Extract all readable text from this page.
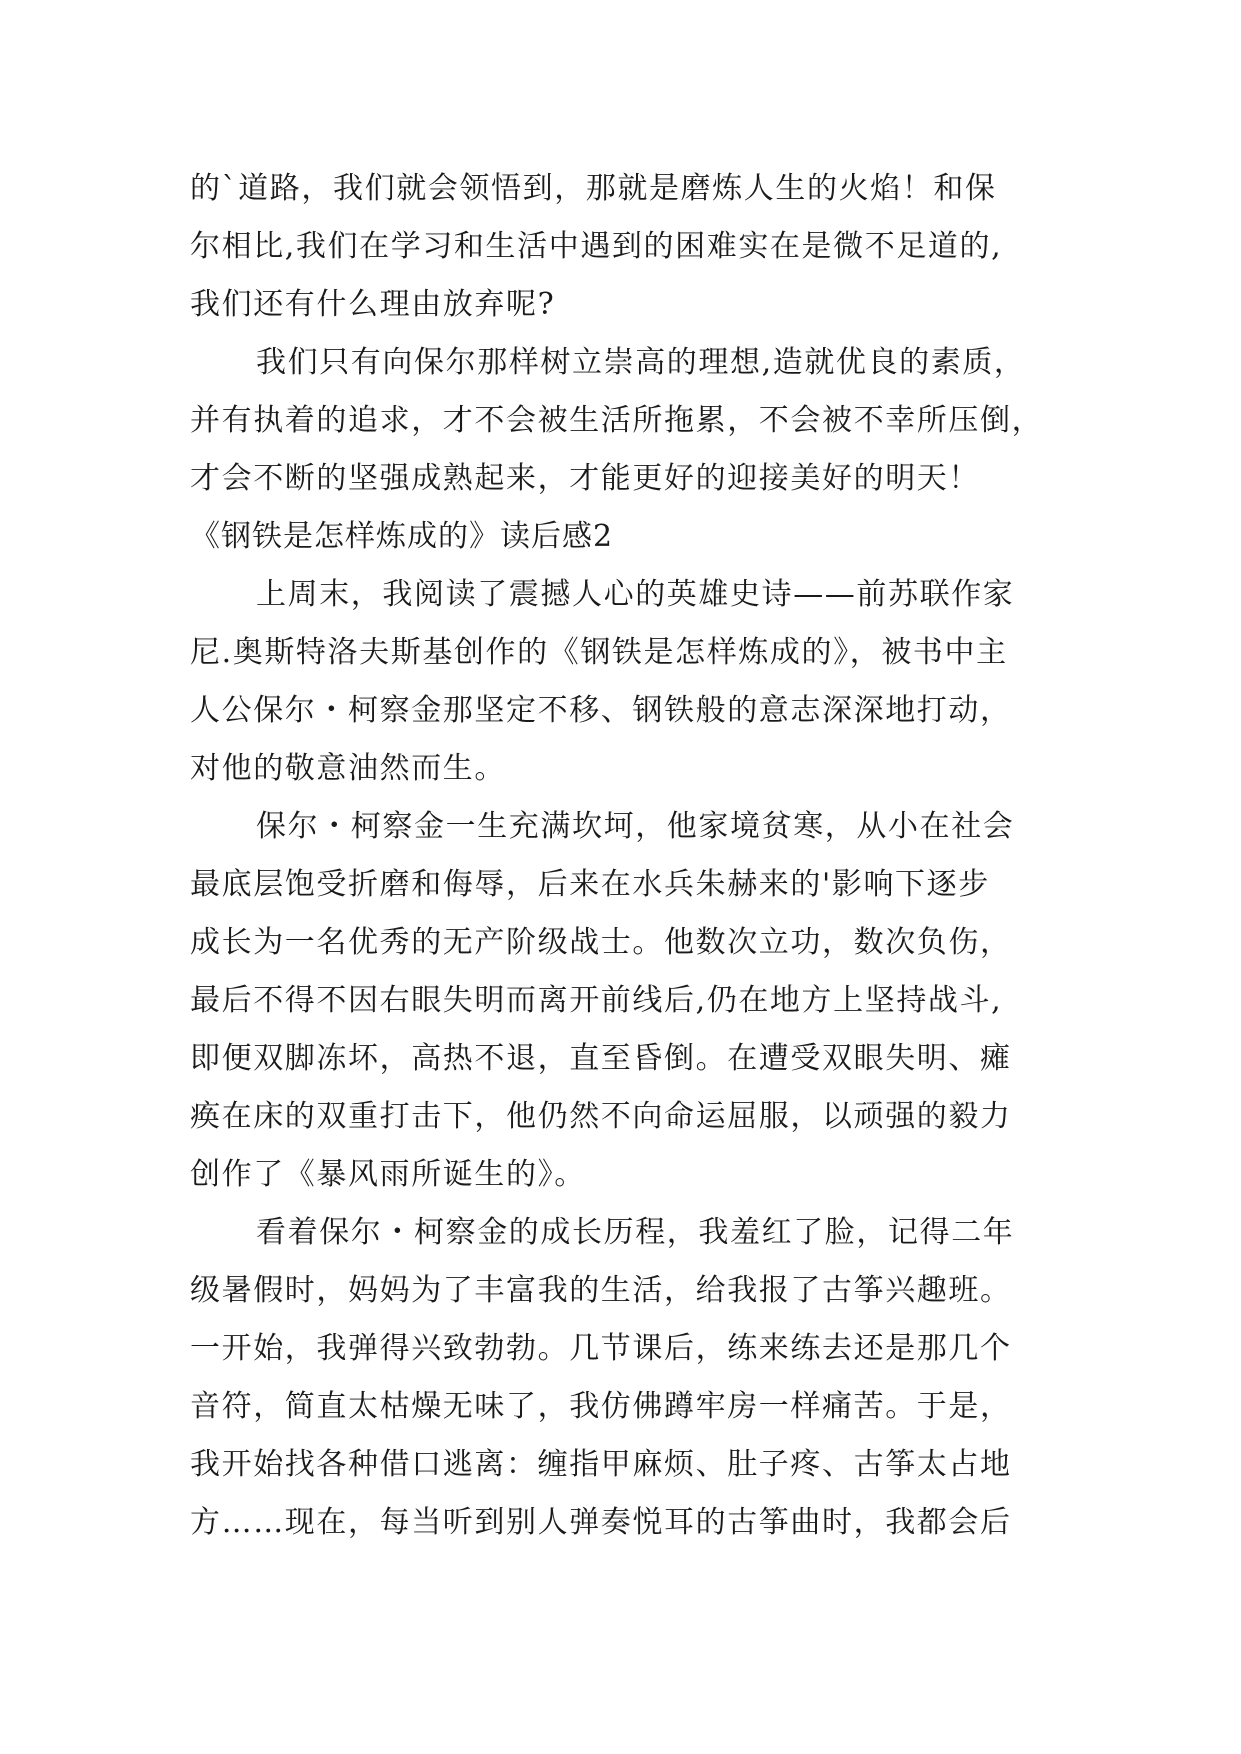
的`道路，我们就会领悟到，那就是磨炼人生的火焰！和保
尔相比,我们在学习和生活中遇到的困难实在是微不足道的,
我们还有什么理由放弃呢?
我们只有向保尔那样树立崇高的理想,造就优良的素质，
并有执着的追求，才不会被生活所拖累，不会被不幸所压倒，
才会不断的坚强成熟起来，才能更好的迎接美好的明天！
《钢铁是怎样炼成的》读后感2
上周末，我阅读了震撼人心的英雄史诗——前苏联作家
尼.奥斯特洛夫斯基创作的《钢铁是怎样炼成的》，被书中主
人公保尔・柯察金那坚定不移、钢铁般的意志深深地打动，
对他的敬意油然而生。
保尔・柯察金一生充满坎坷，他家境贫寒，从小在社会
最底层饱受折磨和侮辱，后来在水兵朱赫来的'影响下逐步
成长为一名优秀的无产阶级战士。他数次立功，数次负伤，
最后不得不因右眼失明而离开前线后,仍在地方上坚持战斗,
即便双脚冻坏，高热不退，直至昏倒。在遭受双眼失明、瘫
痪在床的双重打击下，他仍然不向命运屈服，以顽强的毅力
创作了《暴风雨所诞生的》。
看着保尔・柯察金的成长历程，我羞红了脸，记得二年
级暑假时，妈妈为了丰富我的生活，给我报了古筝兴趣班。
一开始，我弹得兴致勃勃。几节课后，练来练去还是那几个
音符，简直太枯燥无味了，我仿佛蹲牢房一样痛苦。于是，
我开始找各种借口逃离：缠指甲麻烦、肚子疼、古筝太占地
方……现在，每当听到别人弹奏悦耳的古筝曲时，我都会后
